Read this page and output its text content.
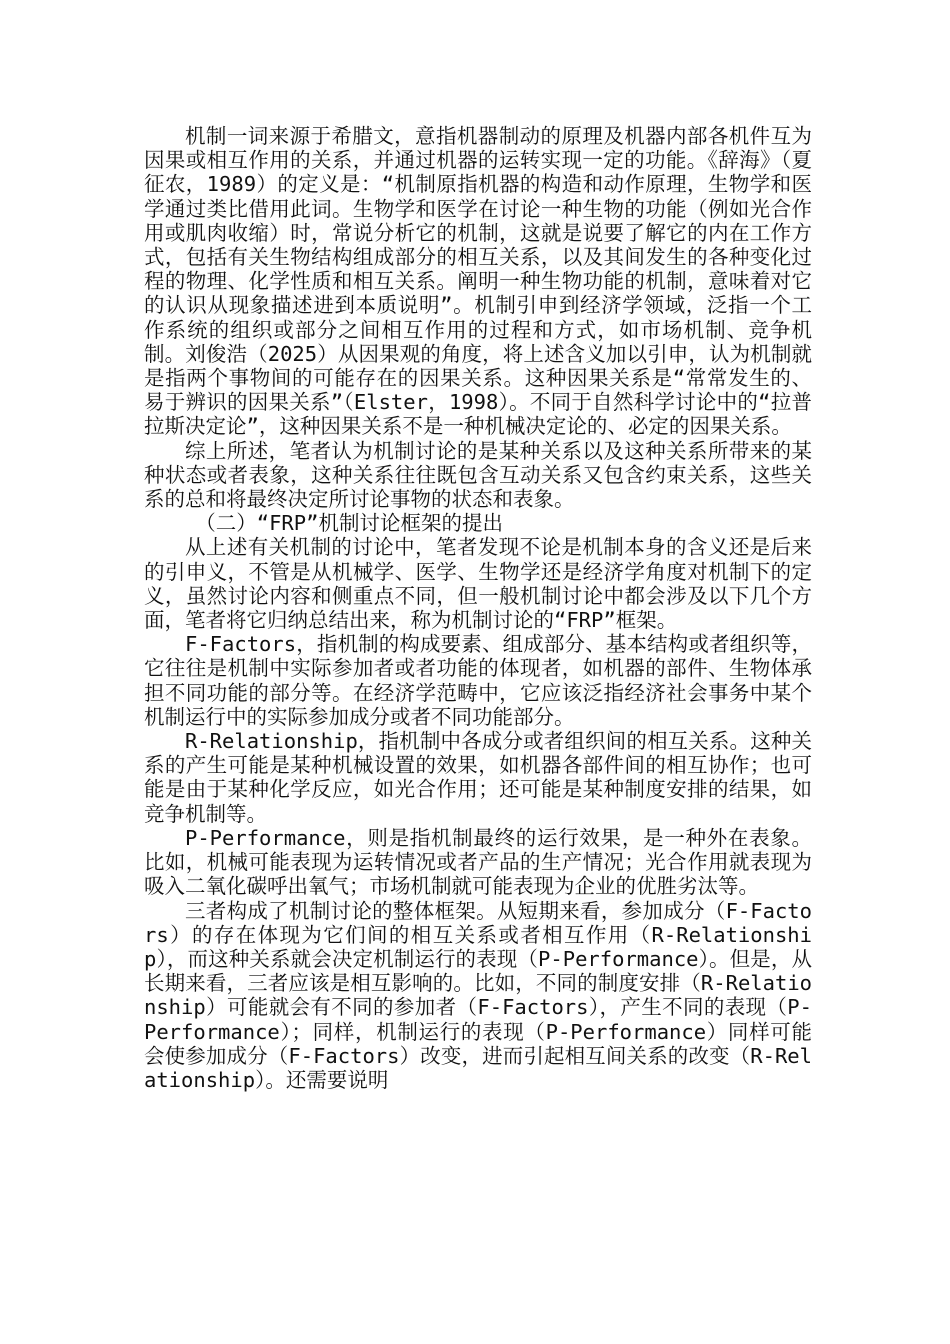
机制一词来源于希腊文，意指机器制动的原理及机器内部各机件互为因果或相互作用的关系，并通过机器的运转实现一定的功能。《辞海》（夏征农，1989）的定义是：“机制原指机器的构造和动作原理，生物学和医学通过类比借用此词。生物学和医学在讨论一种生物的功能（例如光合作用或肌肉收缩）时，常说分析它的机制，这就是说要了解它的内在工作方式，包括有关生物结构组成部分的相互关系，以及其间发生的各种变化过程的物理、化学性质和相互关系。阐明一种生物功能的机制，意味着对它的认识从现象描述进到本质说明”。机制引申到经济学领域，泛指一个工作系统的组织或部分之间相互作用的过程和方式，如市场机制、竞争机制。刘俊浩（2025）从因果观的角度，将上述含义加以引申，认为机制就是指两个事物间的可能存在的因果关系。这种因果关系是“常常发生的、易于辨识的因果关系”（Elster，1998）。不同于自然科学讨论中的“拉普拉斯决定论”，这种因果关系不是一种机械决定论的、必定的因果关系。

综上所述，笔者认为机制讨论的是某种关系以及这种关系所带来的某种状态或者表象，这种关系往往既包含互动关系又包含约束关系，这些关系的总和将最终决定所讨论事物的状态和表象。

（二）“FRP”机制讨论框架的提出

从上述有关机制的讨论中，笔者发现不论是机制本身的含义还是后来的引申义，不管是从机械学、医学、生物学还是经济学角度对机制下的定义，虽然讨论内容和侧重点不同，但一般机制讨论中都会涉及以下几个方面，笔者将它归纳总结出来，称为机制讨论的“FRP”框架。

F-Factors，指机制的构成要素、组成部分、基本结构或者组织等，它往往是机制中实际参加者或者功能的体现者，如机器的部件、生物体承担不同功能的部分等。在经济学范畴中，它应该泛指经济社会事务中某个机制运行中的实际参加成分或者不同功能部分。

R-Relationship，指机制中各成分或者组织间的相互关系。这种关系的产生可能是某种机械设置的效果，如机器各部件间的相互协作；也可能是由于某种化学反应，如光合作用；还可能是某种制度安排的结果，如竞争机制等。

P-Performance，则是指机制最终的运行效果，是一种外在表象。比如，机械可能表现为运转情况或者产品的生产情况；光合作用就表现为吸入二氧化碳呼出氧气；市场机制就可能表现为企业的优胜劣汰等。

三者构成了机制讨论的整体框架。从短期来看，参加成分（F-Factors）的存在体现为它们间的相互关系或者相互作用（R-Relationship），而这种关系就会决定机制运行的表现（P-Performance）。但是，从长期来看，三者应该是相互影响的。比如，不同的制度安排（R-Relationship）可能就会有不同的参加者（F-Factors），产生不同的表现（P-Performance）；同样，机制运行的表现（P-Performance）同样可能会使参加成分（F-Factors）改变，进而引起相互间关系的改变（R-Relationship）。还需要说明
